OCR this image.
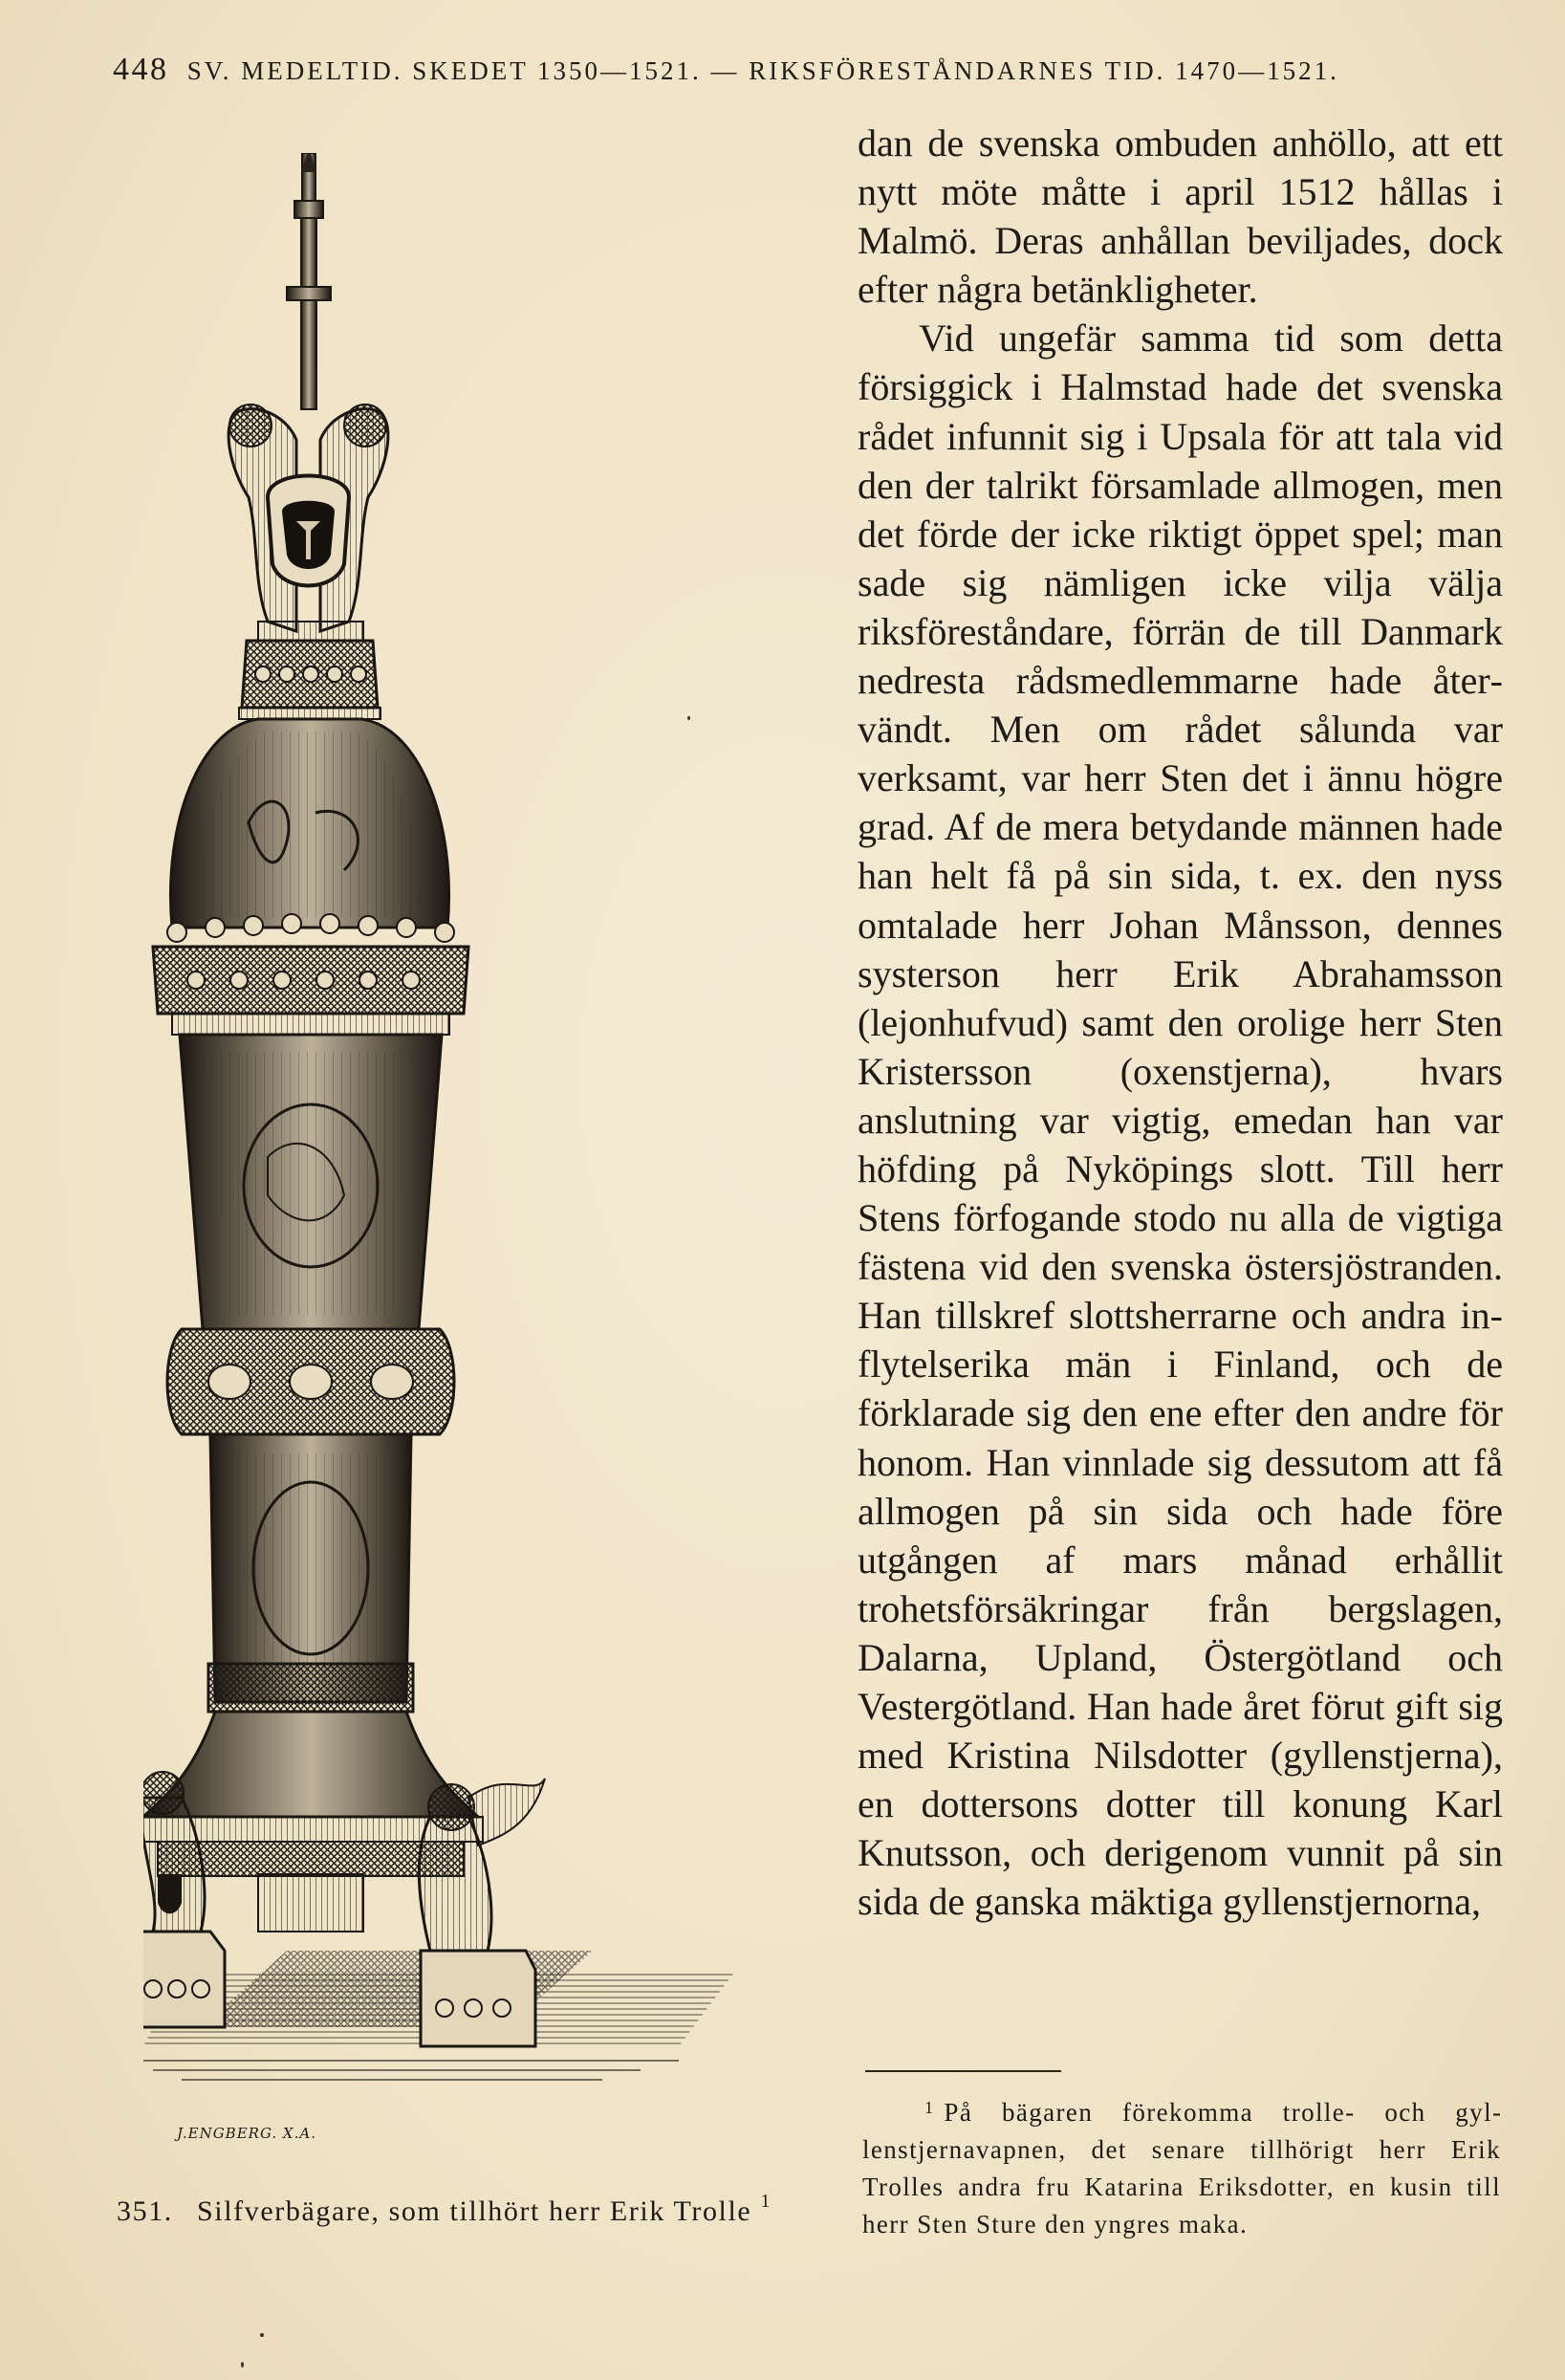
448 SV. MEDELTID. SKEDET 1350—1521. — RIKSFÖRESTÅNDARNES TID. 1470—1521.
J.ENGBERG. X.A.
351. Silfverbägare, som tillhört herr Erik Trolle $^1$

dan de svenska ombuden anhöllo, att ett nytt möte måtte i april 1512 hållas i Malmö. Deras anhållan beviljades, dock efter några betänkligheter.

Vid ungefär samma tid som detta försiggick i Halmstad hade det svenska rådet infunnit sig i Upsala för att tala vid den der talrikt församlade allmogen, men det förde der icke riktigt öppet spel; man sade sig nämligen icke vilja välja riksföreståndare, förrän de till Danmark nedresta rådsmedlemmarne hade återvändt. Men om rådet sålunda var verksamt, var herr Sten det i ännu högre grad. Af de mera betydande männen hade han helt få på sin sida, t. ex. den nyss omtalade herr Johan Månsson, dennes systerson herr Erik Abrahamsson (lejonhufvud) samt den orolige herr Sten Kristersson (oxenstjerna), hvars anslutning var vigtig, emedan han var höfding på Nyköpings slott. Till herr Stens förfogande stodo nu alla de vigtiga fästena vid den svenska östersjöstranden. Han tillskref slottsherrarne och andra inflytelserika män i Finland, och de förklarade sig den ene efter den andre för honom. Han vinnlade sig dessutom att få allmogen på sin sida och hade före utgången af mars månad erhållit trohetsförsäkringar från bergslagen, Dalarna, Upland, Östergötland och Vestergötland. Han hade året förut gift sig med Kristina Nilsdotter (gyllenstjerna), en dottersons dotter till konung Karl Knutsson, och derigenom vunnit på sin sida de ganska mäktiga gyllenstjernorna,

$^1$ På bägaren förekomma trolle- och gyllenstjernavapnen, det senare tillhörigt herr Erik Trolles andra fru Katarina Eriksdotter, en kusin till herr Sten Sture den yngres maka.
